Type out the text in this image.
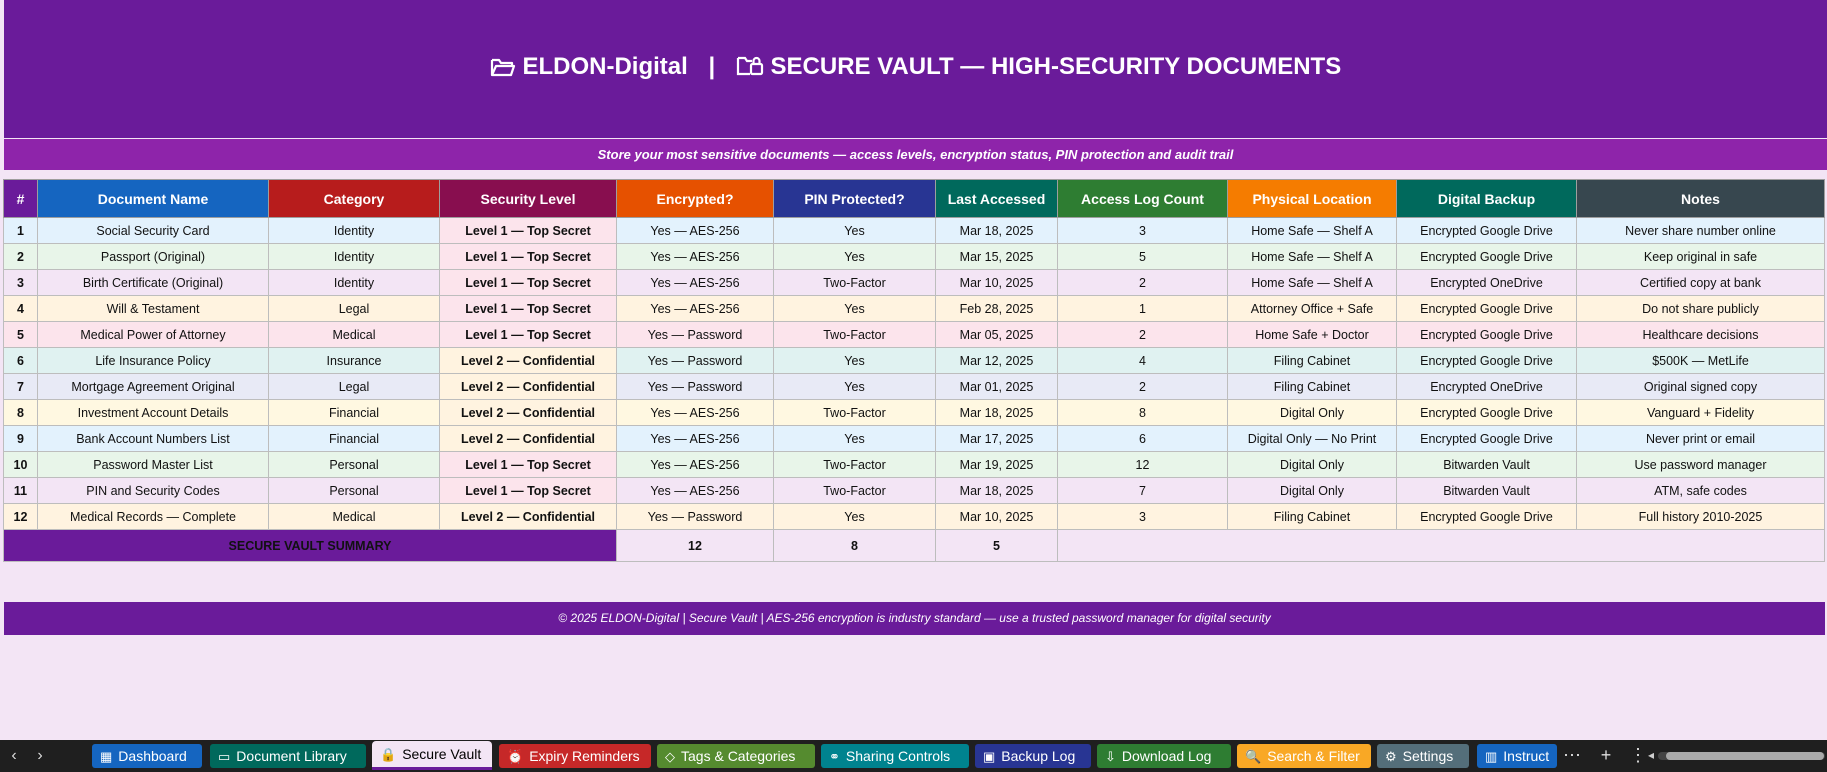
ELDON-Digital | SECURE VAULT — HIGH-SECURITY DOCUMENTS
Store your most sensitive documents — access levels, encryption status, PIN protection and audit trail
#	Document Name	Category	Security Level	Encrypted?	PIN Protected?	Last Accessed	Access Log Count	Physical Location	Digital Backup	Notes
1	Social Security Card	Identity	Level 1 — Top Secret	Yes — AES-256	Yes	Mar 18, 2025	3	Home Safe — Shelf A	Encrypted Google Drive	Never share number online
2	Passport (Original)	Identity	Level 1 — Top Secret	Yes — AES-256	Yes	Mar 15, 2025	5	Home Safe — Shelf A	Encrypted Google Drive	Keep original in safe
3	Birth Certificate (Original)	Identity	Level 1 — Top Secret	Yes — AES-256	Two-Factor	Mar 10, 2025	2	Home Safe — Shelf A	Encrypted OneDrive	Certified copy at bank
4	Will & Testament	Legal	Level 1 — Top Secret	Yes — AES-256	Yes	Feb 28, 2025	1	Attorney Office + Safe	Encrypted Google Drive	Do not share publicly
5	Medical Power of Attorney	Medical	Level 1 — Top Secret	Yes — Password	Two-Factor	Mar 05, 2025	2	Home Safe + Doctor	Encrypted Google Drive	Healthcare decisions
6	Life Insurance Policy	Insurance	Level 2 — Confidential	Yes — Password	Yes	Mar 12, 2025	4	Filing Cabinet	Encrypted Google Drive	$500K — MetLife
7	Mortgage Agreement Original	Legal	Level 2 — Confidential	Yes — Password	Yes	Mar 01, 2025	2	Filing Cabinet	Encrypted OneDrive	Original signed copy
8	Investment Account Details	Financial	Level 2 — Confidential	Yes — AES-256	Two-Factor	Mar 18, 2025	8	Digital Only	Encrypted Google Drive	Vanguard + Fidelity
9	Bank Account Numbers List	Financial	Level 2 — Confidential	Yes — AES-256	Yes	Mar 17, 2025	6	Digital Only — No Print	Encrypted Google Drive	Never print or email
10	Password Master List	Personal	Level 1 — Top Secret	Yes — AES-256	Two-Factor	Mar 19, 2025	12	Digital Only	Bitwarden Vault	Use password manager
11	PIN and Security Codes	Personal	Level 1 — Top Secret	Yes — AES-256	Two-Factor	Mar 18, 2025	7	Digital Only	Bitwarden Vault	ATM, safe codes
12	Medical Records — Complete	Medical	Level 2 — Confidential	Yes — Password	Yes	Mar 10, 2025	3	Filing Cabinet	Encrypted Google Drive	Full history 2010-2025
SECURE VAULT SUMMARY				12	8	5				
© 2025 ELDON-Digital | Secure Vault | AES-256 encryption is industry standard — use a trusted password manager for digital security
‹	›	▦ Dashboard	▭ Document Library	🔒 Secure Vault	⏰ Expiry Reminders	◇ Tags & Categories	⚭ Sharing Controls	▣ Backup Log	⇩ Download Log	🔍 Search & Filter	⚙ Settings	▥ Instruct ⋯	+ ⋮ ◂
